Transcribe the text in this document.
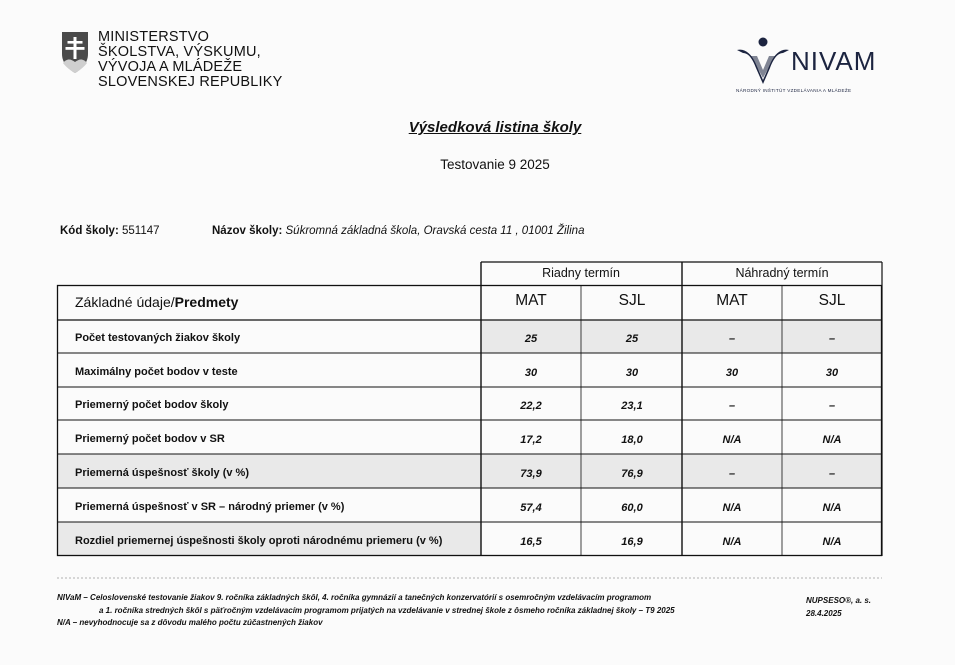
MINISTERSTVO
ŠKOLSTVA, VÝSKUMU,
VÝVOJA A MLÁDEŽE
SLOVENSKEJ REPUBLIKY
NIVAM
NÁRODNÝ INŠTITÚT VZDELÁVANIA A MLÁDEŽE
Výsledková listina školy
Testovanie 9 2025
Kód školy: 551147	Názov školy: Súkromná základná škola, Oravská cesta 11 , 01001 Žilina
Riadny termín	Náhradný termín
Základné údaje/Predmety	MAT	SJL	MAT	SJL
Počet testovaných žiakov školy	25	25	–	–
Maximálny počet bodov v teste	30	30	30	30
Priemerný počet bodov školy	22,2	23,1	–	–
Priemerný počet bodov v SR	17,2	18,0	N/A	N/A
Priemerná úspešnosť školy (v %)	73,9	76,9	–	–
Priemerná úspešnosť v SR – národný priemer (v %)	57,4	60,0	N/A	N/A
Rozdiel priemernej úspešnosti školy oproti národnému priemeru (v %)	16,5	16,9	N/A	N/A
NIVaM – Celoslovenské testovanie žiakov 9. ročníka základných škôl, 4. ročníka gymnázií a tanečných konzervatórií s osemročným vzdelávacím programom
a 1. ročníka stredných škôl s päťročným vzdelávacím programom prijatých na vzdelávanie v strednej škole z ôsmeho ročníka základnej školy – T9 2025
N/A – nevyhodnocuje sa z dôvodu malého počtu zúčastnených žiakov
NUPSESO®, a. s.
28.4.2025
